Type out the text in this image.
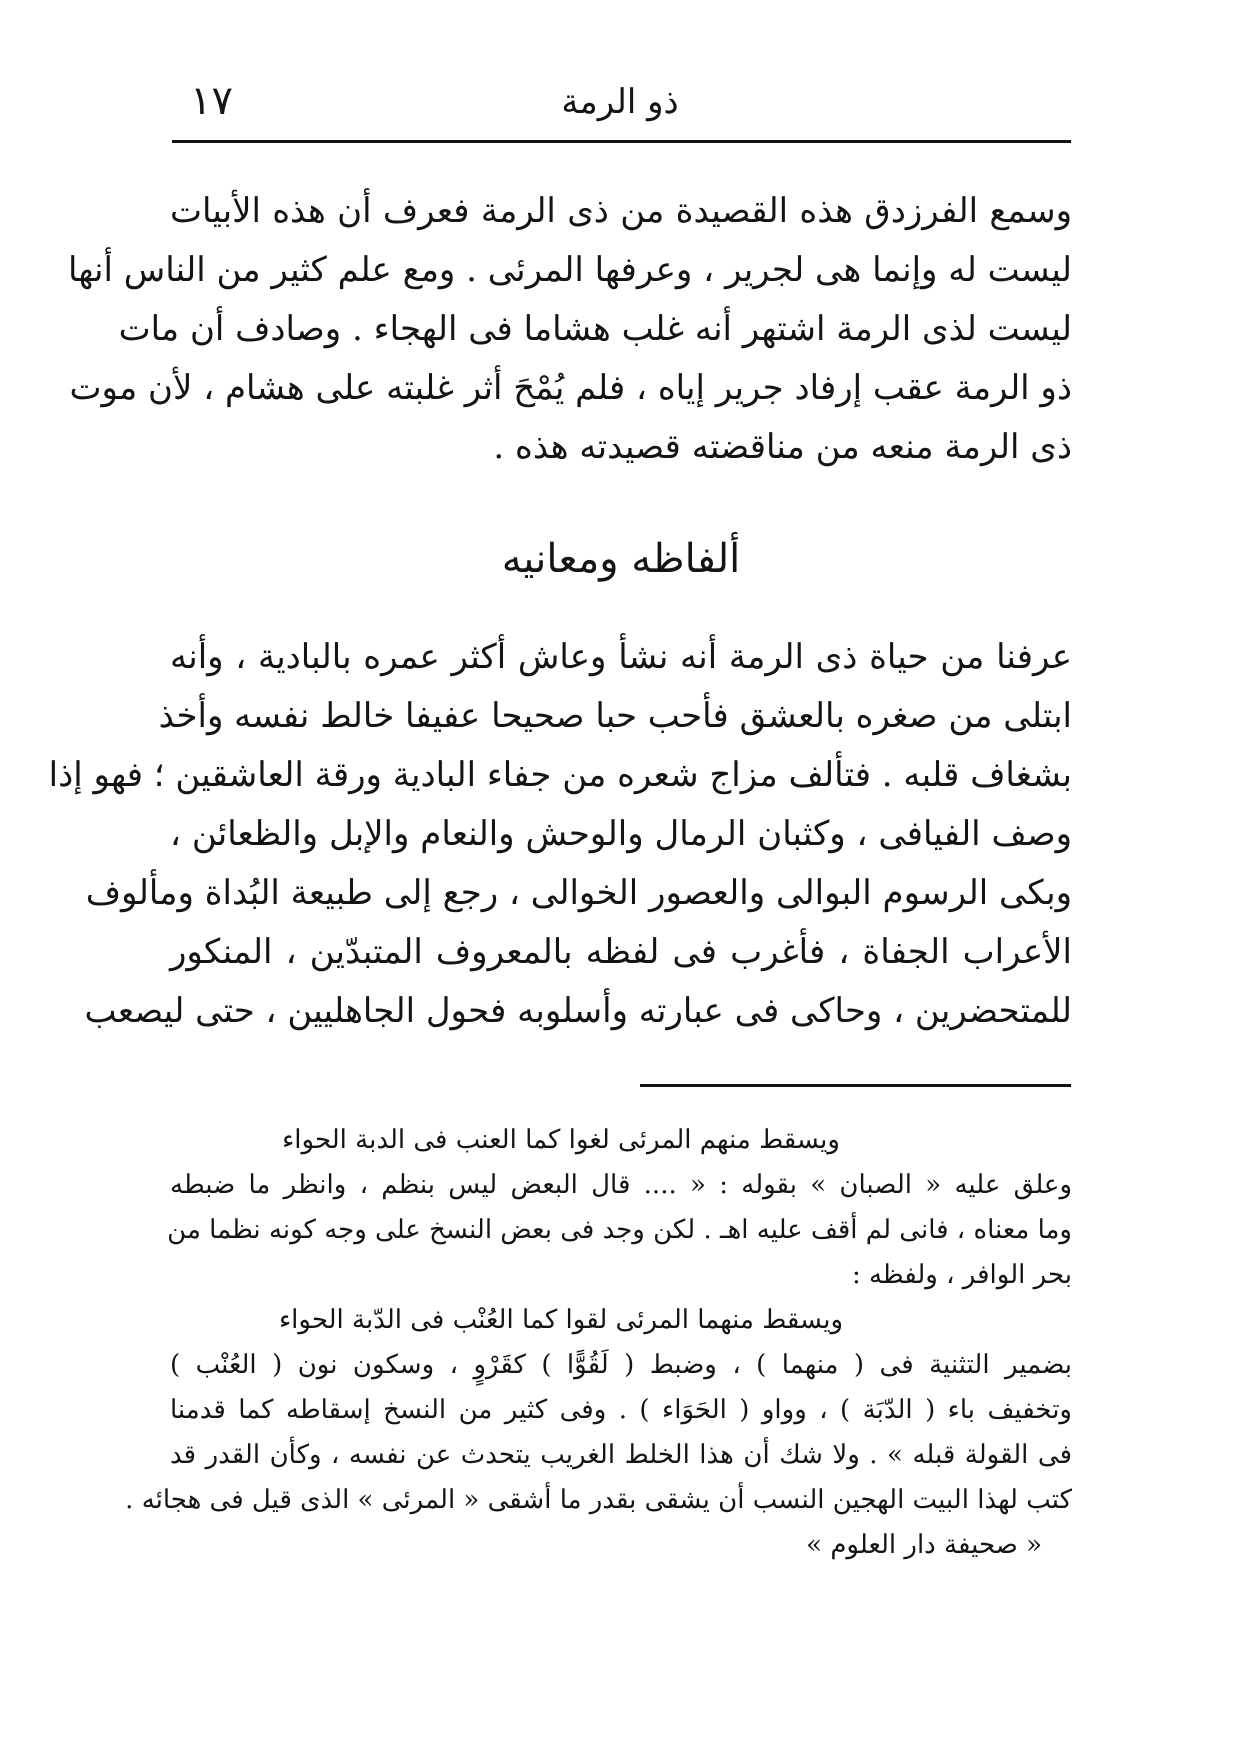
١٧	ذو الرمة
وسمع الفرزدق هذه القصيدة من ذى الرمة فعرف أن هذه الأبيات
ليست له وإنما هى لجرير ، وعرفها المرئى . ومع علم كثير من الناس أنها
ليست لذى الرمة اشتهر أنه غلب هشاما فى الهجاء . وصادف أن مات
ذو الرمة عقب إرفاد جرير إياه ، فلم يُمْحَ أثر غلبته على هشام ، لأن موت
ذى الرمة منعه من مناقضته قصيدته هذه .
ألفاظه ومعانيه
عرفنا من حياة ذى الرمة أنه نشأ وعاش أكثر عمره بالبادية ، وأنه
ابتلى من صغره بالعشق فأحب حبا صحيحا عفيفا خالط نفسه وأخذ
بشغاف قلبه . فتألف مزاج شعره من جفاء البادية ورقة العاشقين ؛ فهو إذا
وصف الفيافى ، وكثبان الرمال والوحش والنعام والإبل والظعائن ،
وبكى الرسوم البوالى والعصور الخوالى ، رجع إلى طبيعة البُداة ومألوف
الأعراب الجفاة ، فأغرب فى لفظه بالمعروف المتبدّين ، المنكور
للمتحضرين ، وحاكى فى عبارته وأسلوبه فحول الجاهليين ، حتى ليصعب
ويسقط منهم المرئى لغوا كما العنب فى الدبة الحواء
وعلق عليه « الصبان » بقوله : « .... قال البعض ليس بنظم ، وانظر ما ضبطه
وما معناه ، فانى لم أقف عليه اهـ . لكن وجد فى بعض النسخ على وجه كونه نظما من
بحر الوافر ، ولفظه :
ويسقط منهما المرئى لقوا كما العُنْب فى الدّبة الحواء
بضمير التثنية فى ( منهما ) ، وضبط ( لَقُوًّا ) كقَرْوٍ ، وسكون نون ( العُنْب )
وتخفيف باء ( الدّبَة ) ، وواو ( الحَوَاء ) . وفى كثير من النسخ إسقاطه كما قدمنا
فى القولة قبله » . ولا شك أن هذا الخلط الغريب يتحدث عن نفسه ، وكأن القدر قد
كتب لهذا البيت الهجين النسب أن يشقى بقدر ما أشقى « المرئى » الذى قيل فى هجائه .
« صحيفة دار العلوم »
